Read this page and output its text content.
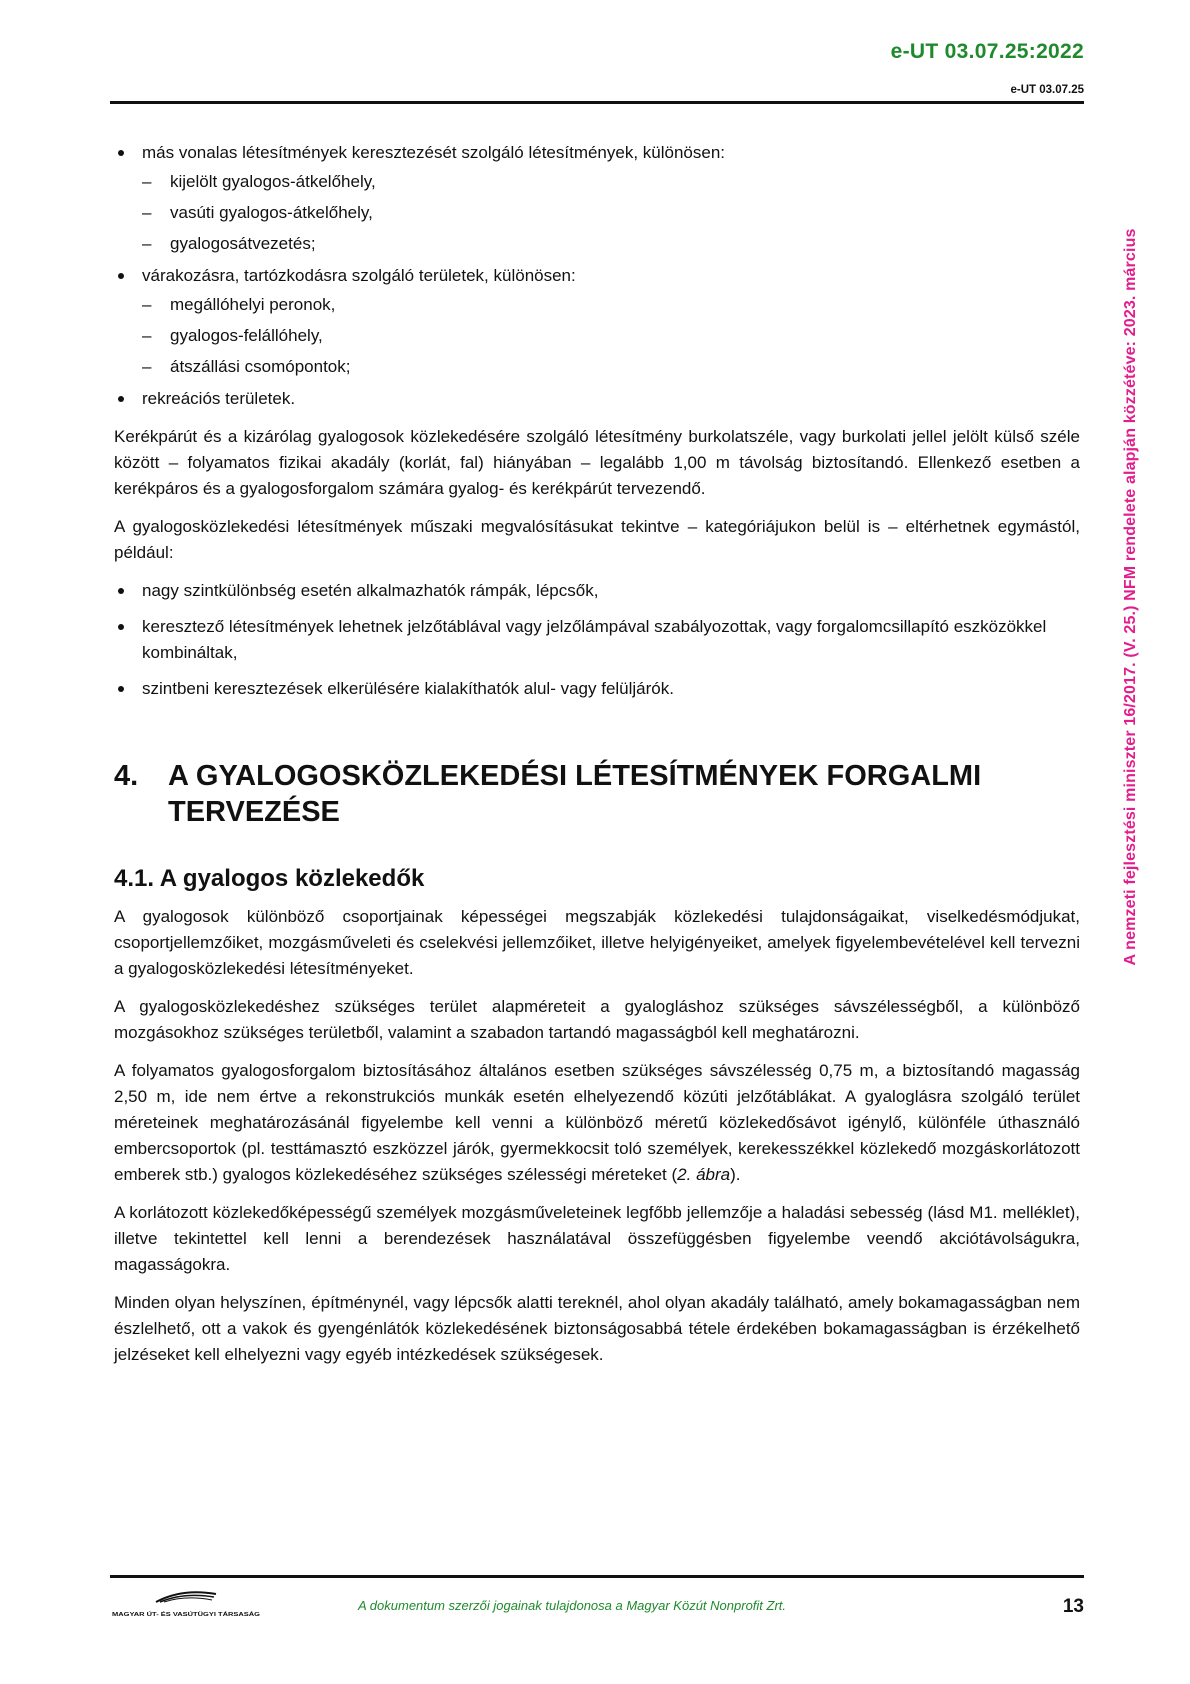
e-UT 03.07.25:2022
e-UT 03.07.25
A nemzeti fejlesztési miniszter 16/2017. (V. 25.) NFM rendelete alapján közzétéve: 2023. március
más vonalas létesítmények keresztezését szolgáló létesítmények, különösen:
– kijelölt gyalogos-átkelőhely,
– vasúti gyalogos-átkelőhely,
– gyalogosátvezetés;
várakozásra, tartózkodásra szolgáló területek, különösen:
– megállóhelyi peronok,
– gyalogos-felállóhely,
– átszállási csomópontok;
rekreációs területek.

Kerékpárút és a kizárólag gyalogosok közlekedésére szolgáló létesítmény burkolatszéle, vagy burkolati jellel jelölt külső széle között – folyamatos fizikai akadály (korlát, fal) hiányában – legalább 1,00 m távolság biztosítandó. Ellenkező esetben a kerékpáros és a gyalogosforgalom számára gyalog- és kerékpárút tervezendő.

A gyalogosközlekedési létesítmények műszaki megvalósításukat tekintve – kategóriájukon belül is – eltérhetnek egymástól, például:

nagy szintkülönbség esetén alkalmazhatók rámpák, lépcsők,
keresztező létesítmények lehetnek jelzőtáblával vagy jelzőlámpával szabályozottak, vagy forgalomcsillapító eszközökkel kombináltak,
szintbeni keresztezések elkerülésére kialakíthatók alul- vagy felüljárók.
4.	A GYALOGOSKÖZLEKEDÉSI LÉTESÍTMÉNYEK FORGALMI TERVEZÉSE
4.1. A gyalogos közlekedők

A gyalogosok különböző csoportjainak képességei megszabják közlekedési tulajdonságaikat, viselkedésmódjukat, csoportjellemzőiket, mozgásműveleti és cselekvési jellemzőiket, illetve helyigényeiket, amelyek figyelembevételével kell tervezni a gyalogosközlekedési létesítményeket.

A gyalogosközlekedéshez szükséges terület alapméreteit a gyalogláshoz szükséges sávszélességből, a különböző mozgásokhoz szükséges területből, valamint a szabadon tartandó magasságból kell meghatározni.

A folyamatos gyalogosforgalom biztosításához általános esetben szükséges sávszélesség 0,75 m, a biztosítandó magasság 2,50 m, ide nem értve a rekonstrukciós munkák esetén elhelyezendő közúti jelzőtáblákat. A gyaloglásra szolgáló terület méreteinek meghatározásánál figyelembe kell venni a különböző méretű közlekedősávot igénylő, különféle úthasználó embercsoportok (pl. testtámasztó eszközzel járók, gyermekkocsit toló személyek, kerekesszékkel közlekedő mozgáskorlátozott emberek stb.) gyalogos közlekedéséhez szükséges szélességi méreteket (2. ábra).

A korlátozott közlekedőképességű személyek mozgásműveleteinek legfőbb jellemzője a haladási sebesség (lásd M1. melléklet), illetve tekintettel kell lenni a berendezések használatával összefüggésben figyelembe veendő akciótávolságukra, magasságokra.

Minden olyan helyszínen, építménynél, vagy lépcsők alatti tereknél, ahol olyan akadály található, amely bokamagasságban nem észlelhető, ott a vakok és gyengénlátók közlekedésének biztonságosabbá tétele érdekében bokamagasságban is érzékelhető jelzéseket kell elhelyezni vagy egyéb intézkedések szükségesek.

MAGYAR ÚT- ÉS VASÚTÜGYI TÁRSASÁG
A dokumentum szerzői jogainak tulajdonosa a Magyar Közút Nonprofit Zrt.	13
